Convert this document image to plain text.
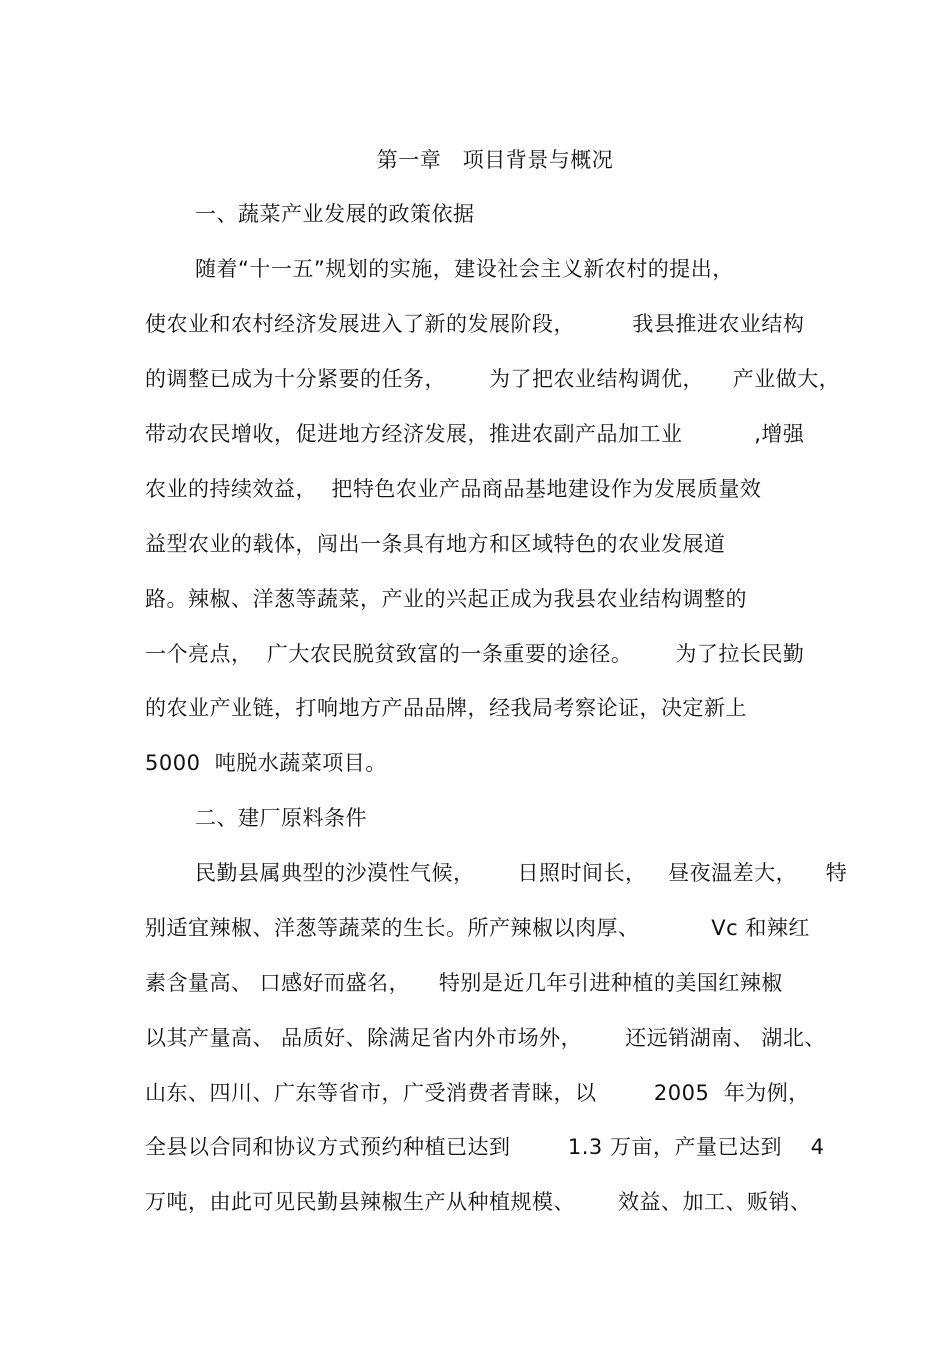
第一章   项目背景与概况
一、蔬菜产业发展的政策依据
随着“十一五”规划的实施，建设社会主义新农村的提出，
使农业和农村经济发展进入了新的发展阶段，        我县推进农业结构
的调整已成为十分紧要的任务，      为了把农业结构调优，    产业做大，
带动农民增收，促进地方经济发展，推进农副产品加工业          ,增强
农业的持续效益，  把特色农业产品商品基地建设作为发展质量效
益型农业的载体，闯出一条具有地方和区域特色的农业发展道
路。辣椒、洋葱等蔬菜，产业的兴起正成为我县农业结构调整的
一个亮点，  广大农民脱贫致富的一条重要的途径。      为了拉长民勤
的农业产业链，打响地方产品品牌，经我局考察论证，决定新上
5000  吨脱水蔬菜项目。
二、建厂原料条件
民勤县属典型的沙漠性气候，      日照时间长，   昼夜温差大，    特
别适宜辣椒、洋葱等蔬菜的生长。所产辣椒以肉厚、          Vc 和辣红
素含量高、 口感好而盛名，    特别是近几年引进种植的美国红辣椒
以其产量高、 品质好、除满足省内外市场外，      还远销湖南、 湖北、
山东、四川、广东等省市，广受消费者青睐，以        2005  年为例，
全县以合同和协议方式预约种植已达到        1.3 万亩，产量已达到    4
万吨，由此可见民勤县辣椒生产从种植规模、      效益、加工、贩销、
